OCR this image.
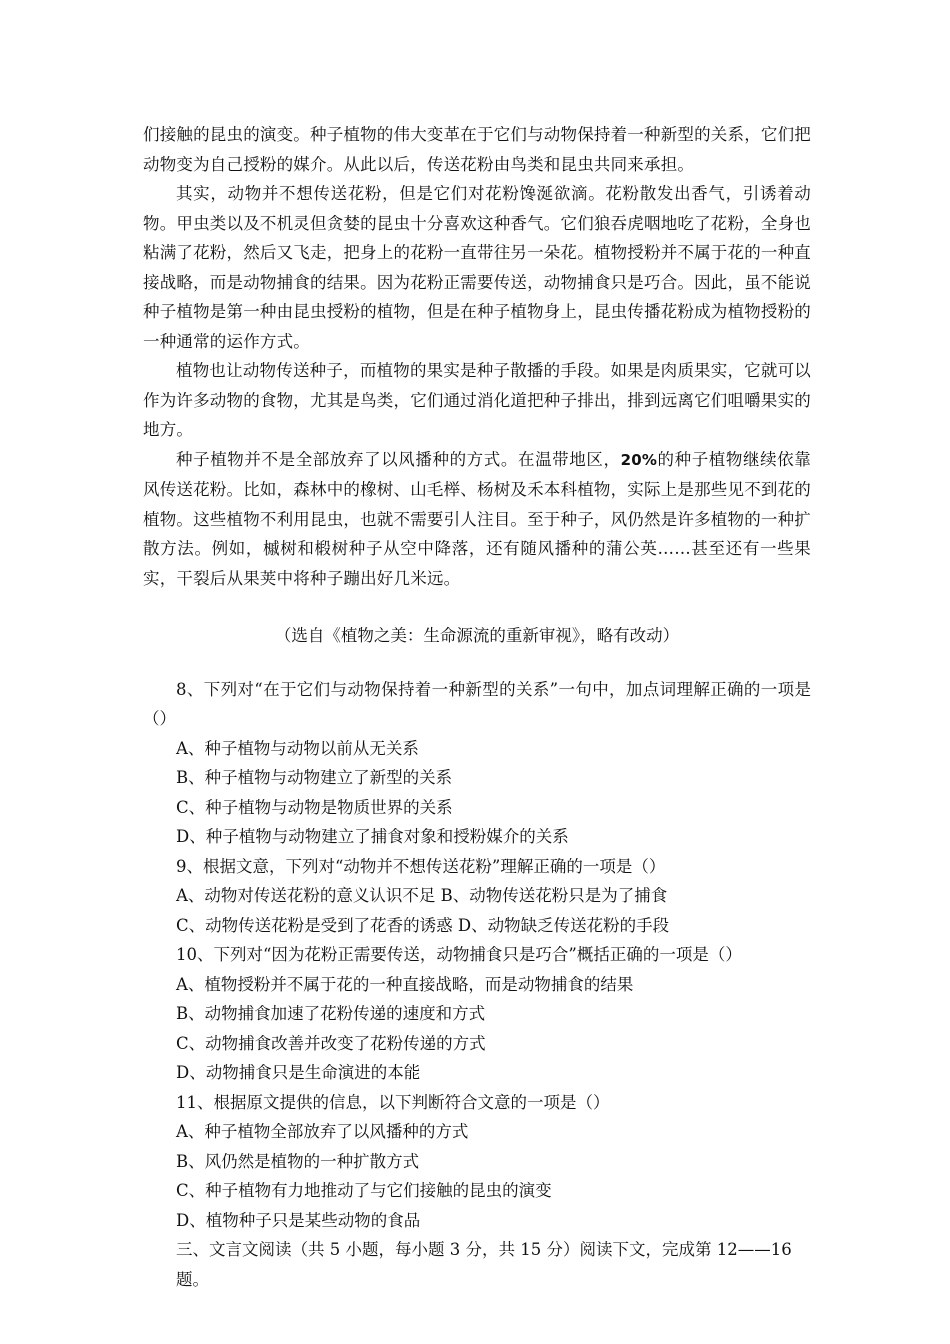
们接触的昆虫的演变。种子植物的伟大变革在于它们与动物保持着一种新型的关系，它们把动物变为自己授粉的媒介。从此以后，传送花粉由鸟类和昆虫共同来承担。

其实，动物并不想传送花粉，但是它们对花粉馋涎欲滴。花粉散发出香气，引诱着动物。甲虫类以及不机灵但贪婪的昆虫十分喜欢这种香气。它们狼吞虎咽地吃了花粉，全身也粘满了花粉，然后又飞走，把身上的花粉一直带往另一朵花。植物授粉并不属于花的一种直接战略，而是动物捕食的结果。因为花粉正需要传送，动物捕食只是巧合。因此，虽不能说种子植物是第一种由昆虫授粉的植物，但是在种子植物身上，昆虫传播花粉成为植物授粉的一种通常的运作方式。

植物也让动物传送种子，而植物的果实是种子散播的手段。如果是肉质果实，它就可以作为许多动物的食物，尤其是鸟类，它们通过消化道把种子排出，排到远离它们咀嚼果实的地方。

种子植物并不是全部放弃了以风播种的方式。在温带地区，20%的种子植物继续依靠风传送花粉。比如，森林中的橡树、山毛榉、杨树及禾本科植物，实际上是那些见不到花的植物。这些植物不利用昆虫，也就不需要引人注目。至于种子，风仍然是许多植物的一种扩散方法。例如，槭树和椴树种子从空中降落，还有随风播种的蒲公英……甚至还有一些果实，干裂后从果荚中将种子蹦出好几米远。

（选自《植物之美：生命源流的重新审视》，略有改动）

8、下列对“在于它们与动物保持着一种新型的关系”一句中，加点词理解正确的一项是（）

A、种子植物与动物以前从无关系

B、种子植物与动物建立了新型的关系

C、种子植物与动物是物质世界的关系

D、种子植物与动物建立了捕食对象和授粉媒介的关系

9、根据文意，下列对“动物并不想传送花粉”理解正确的一项是（）

A、动物对传送花粉的意义认识不足 B、动物传送花粉只是为了捕食

C、动物传送花粉是受到了花香的诱惑 D、动物缺乏传送花粉的手段

10、下列对“因为花粉正需要传送，动物捕食只是巧合”概括正确的一项是（）

A、植物授粉并不属于花的一种直接战略，而是动物捕食的结果

B、动物捕食加速了花粉传递的速度和方式

C、动物捕食改善并改变了花粉传递的方式

D、动物捕食只是生命演进的本能

11、根据原文提供的信息，以下判断符合文意的一项是（）

A、种子植物全部放弃了以风播种的方式

B、风仍然是植物的一种扩散方式

C、种子植物有力地推动了与它们接触的昆虫的演变

D、植物种子只是某些动物的食品

三、文言文阅读（共 5 小题，每小题 3 分，共 15 分）阅读下文，完成第 12——16 题。
